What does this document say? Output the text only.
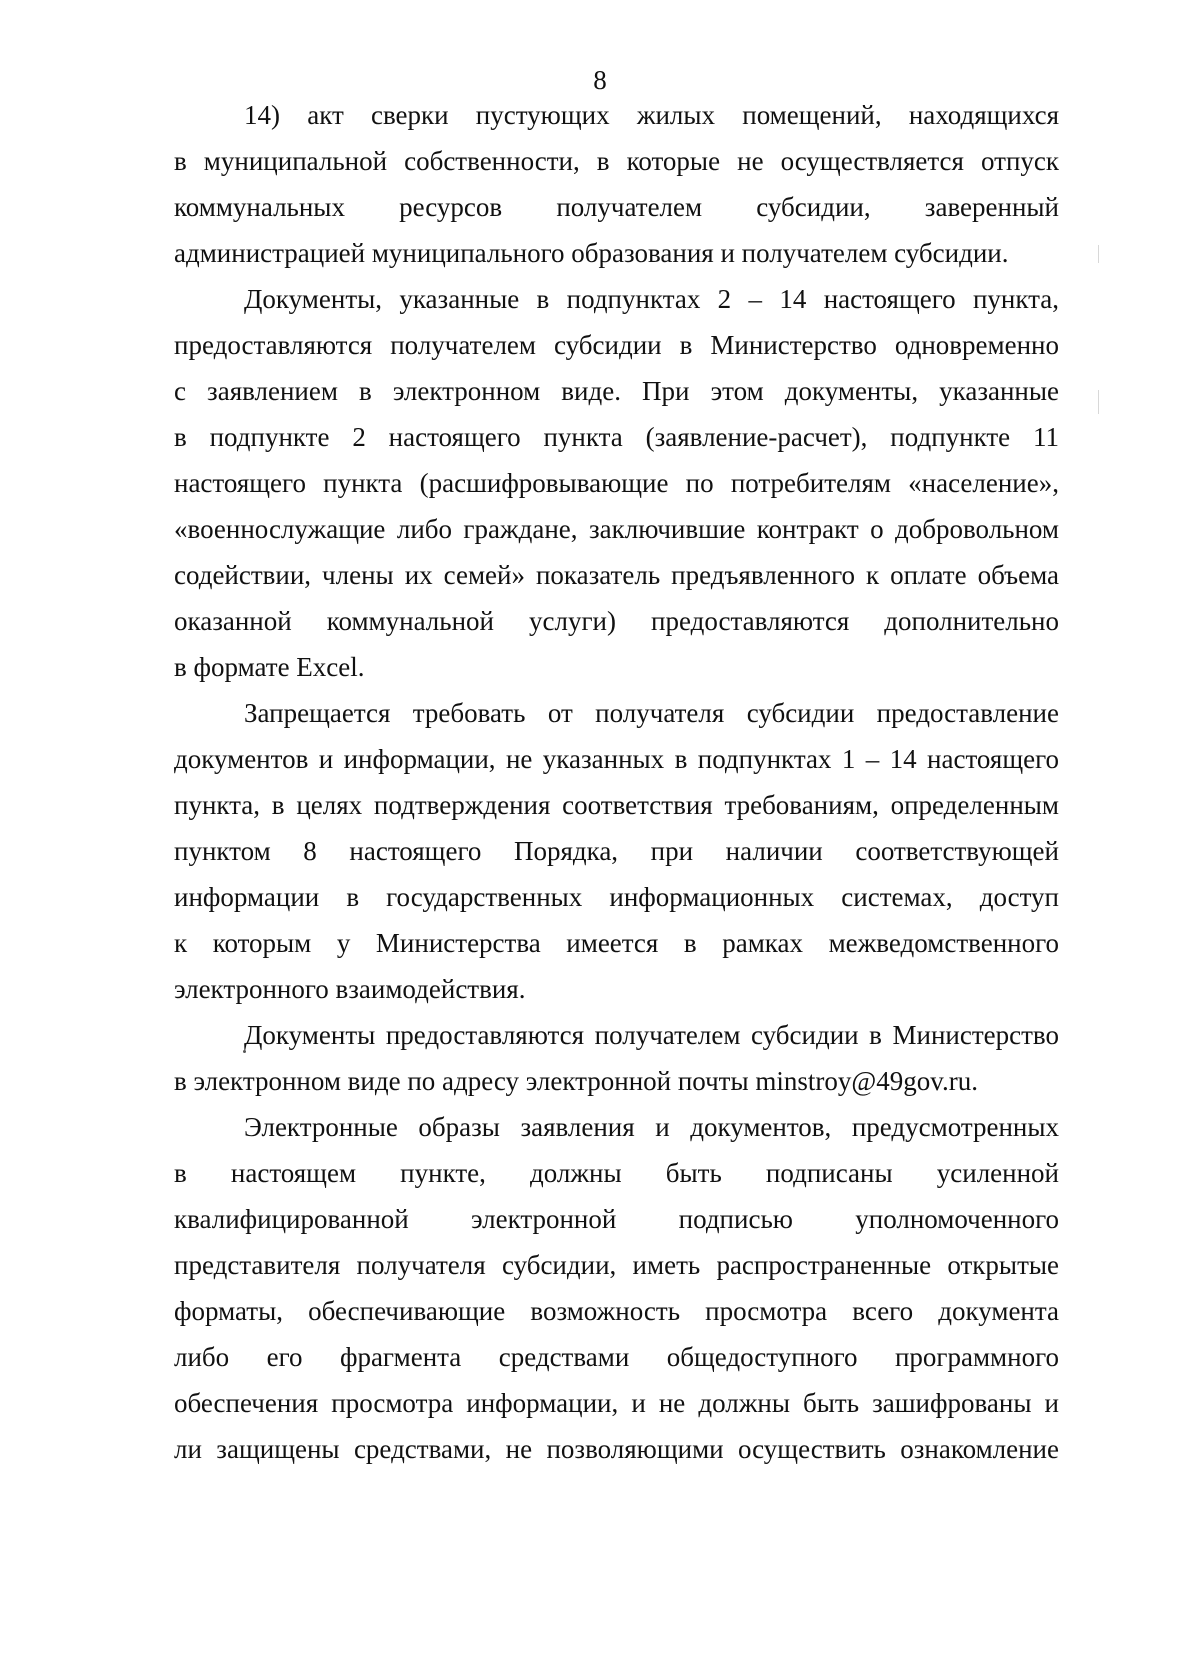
8
14) акт сверки пустующих жилых помещений, находящихся
в муниципальной собственности, в которые не осуществляется отпуск
коммунальных ресурсов получателем субсидии, заверенный
администрацией муниципального образования и получателем субсидии.
Документы, указанные в подпунктах 2 – 14 настоящего пункта,
предоставляются получателем субсидии в Министерство одновременно
с заявлением в электронном виде. При этом документы, указанные
в подпункте 2 настоящего пункта (заявление-расчет), подпункте 11
настоящего пункта (расшифровывающие по потребителям «население»,
«военнослужащие либо граждане, заключившие контракт о добровольном
содействии, члены их семей» показатель предъявленного к оплате объема
оказанной коммунальной услуги) предоставляются дополнительно
в формате Excel.
Запрещается требовать от получателя субсидии предоставление
документов и информации, не указанных в подпунктах 1 – 14 настоящего
пункта, в целях подтверждения соответствия требованиям, определенным
пунктом 8 настоящего Порядка, при наличии соответствующей
информации в государственных информационных системах, доступ
к которым у Министерства имеется в рамках межведомственного
электронного взаимодействия.
Документы предоставляются получателем субсидии в Министерство
в электронном виде по адресу электронной почты minstroy@49gov.ru.
Электронные образы заявления и документов, предусмотренных
в настоящем пункте, должны быть подписаны усиленной
квалифицированной электронной подписью уполномоченного
представителя получателя субсидии, иметь распространенные открытые
форматы, обеспечивающие возможность просмотра всего документа
либо его фрагмента средствами общедоступного программного
обеспечения просмотра информации, и не должны быть зашифрованы и
ли защищены средствами, не позволяющими осуществить ознакомление
